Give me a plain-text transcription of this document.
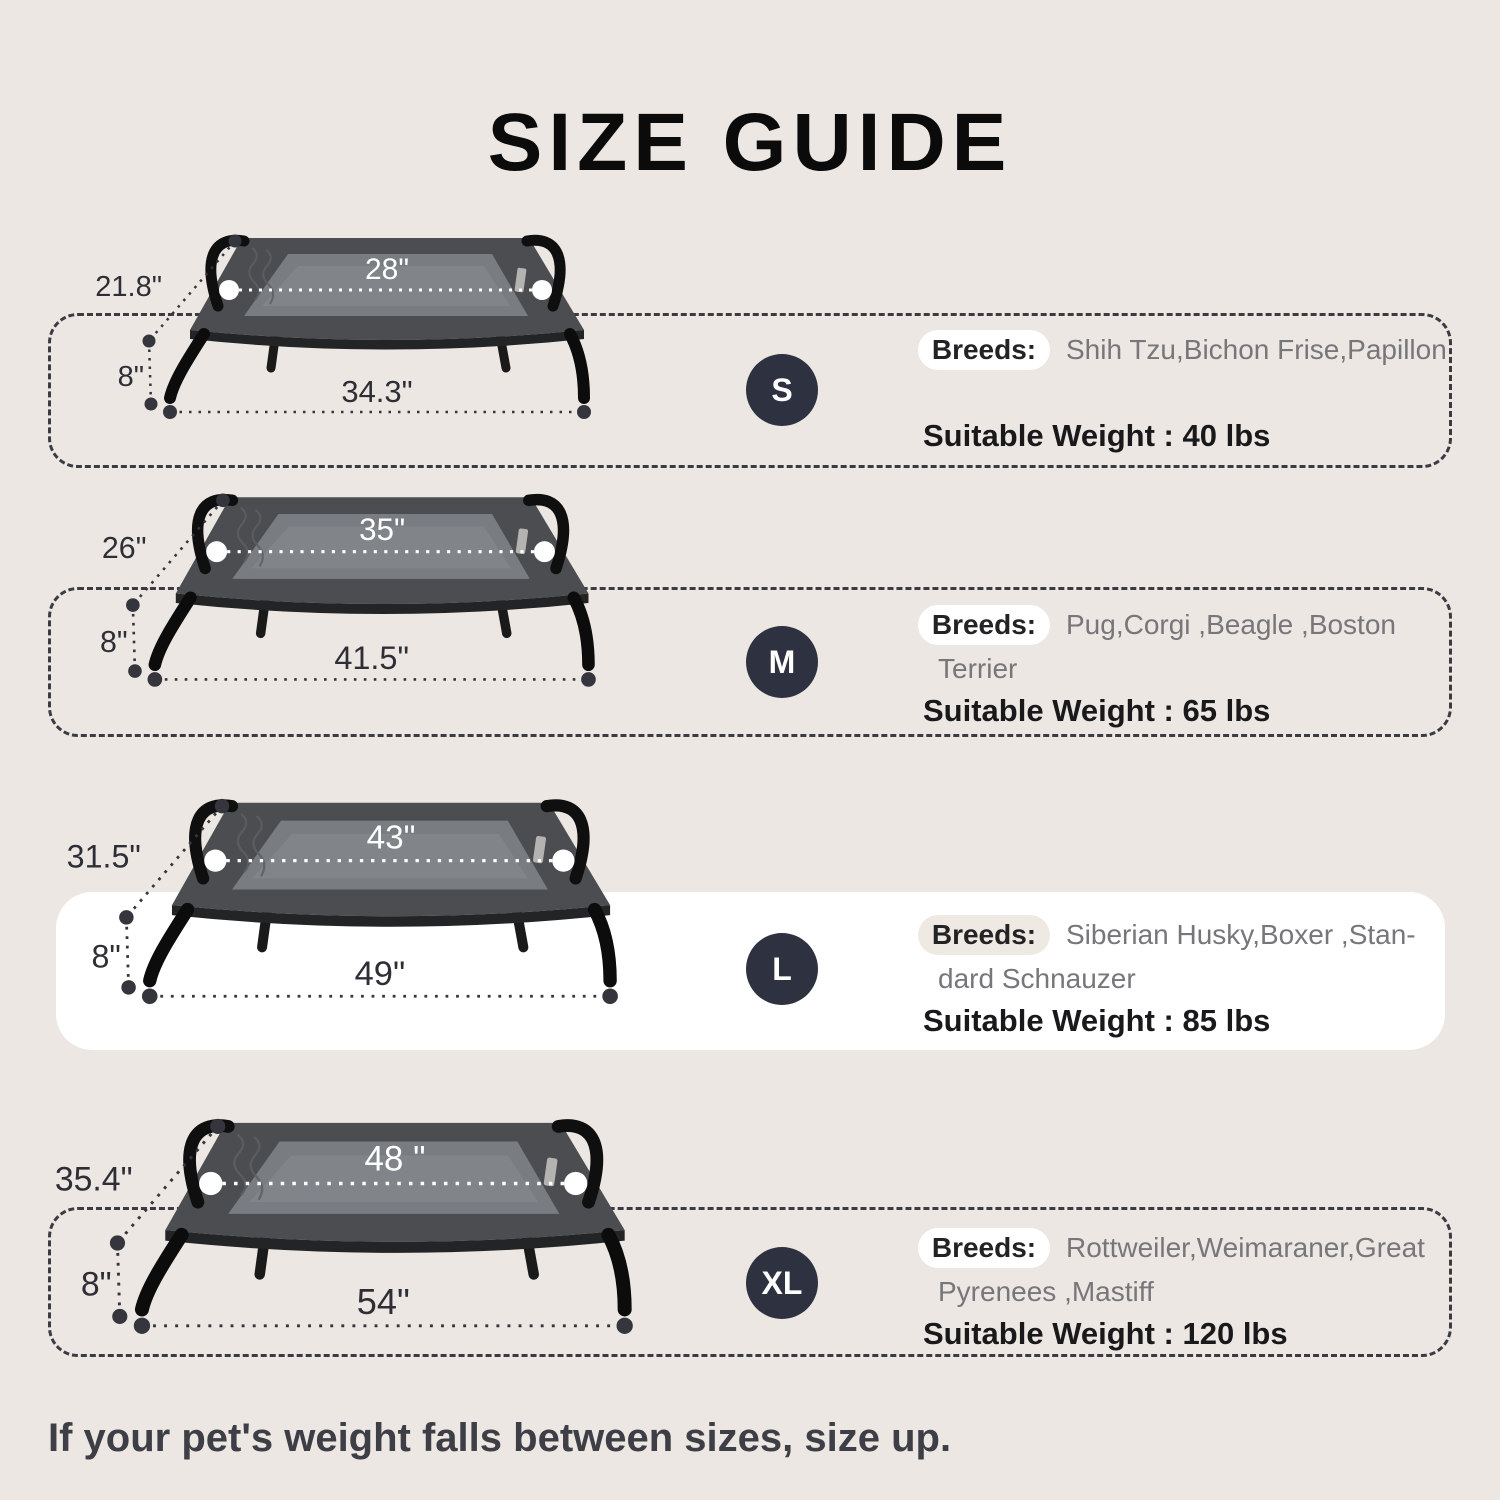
SIZE GUIDE
28"
21.8"
8"	34.3"	S
Breeds:	Shih Tzu,Bichon Frise,Papillon
Suitable Weight : 40 lbs
35"
26"
8"	41.5"	M
Breeds:	Pug,Corgi ,Beagle ,Boston
Terrier
Suitable Weight : 65 lbs
43"
31.5"
8"	49"	L
Breeds:	Siberian Husky,Boxer ,Stan-
dard Schnauzer
Suitable Weight : 85 lbs
48 "
35.4"
8"	54"	XL
Breeds:	Rottweiler,Weimaraner,Great
Pyrenees ,Mastiff
Suitable Weight : 120 lbs
If your pet's weight falls between sizes, size up.
